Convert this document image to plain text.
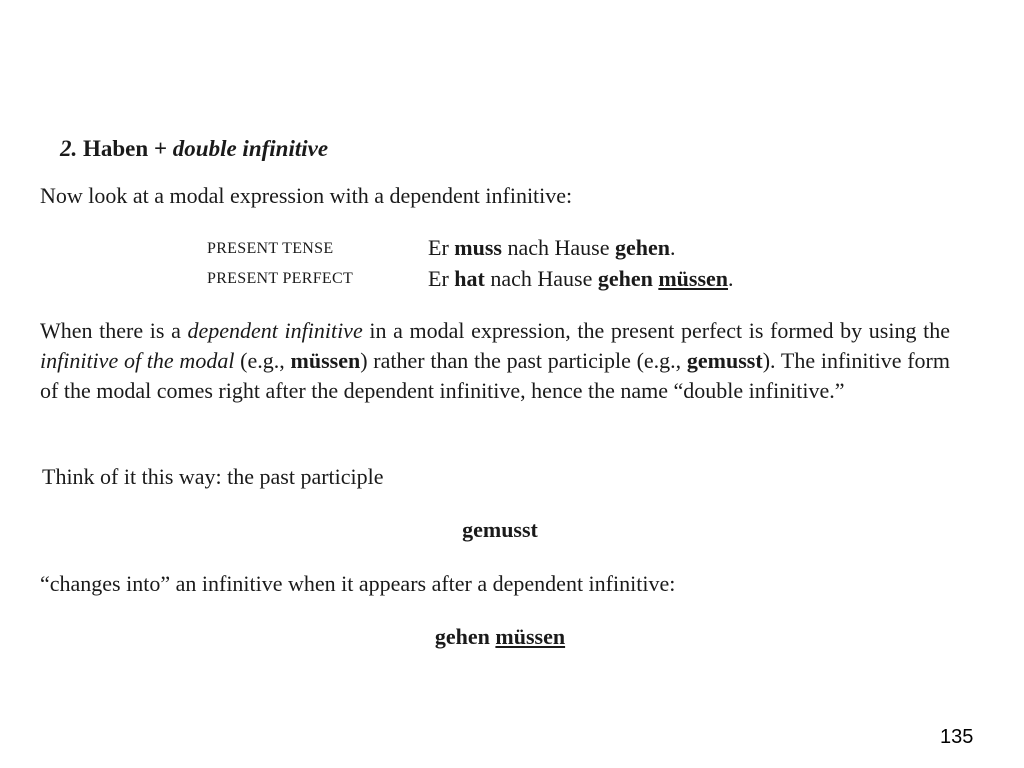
2. Haben + double infinitive

Now look at a modal expression with a dependent infinitive:

PRESENT TENSE	Er muss nach Hause gehen.
PRESENT PERFECT	Er hat nach Hause gehen müssen.

When there is a dependent infinitive in a modal expression, the present perfect is formed by using the infinitive of the modal (e.g., müssen) rather than the past participle (e.g., gemusst). The infinitive form of the modal comes right after the dependent infinitive, hence the name “double infinitive.”

Think of it this way: the past participle

gemusst

“changes into” an infinitive when it appears after a dependent infinitive:

gehen müssen

135
